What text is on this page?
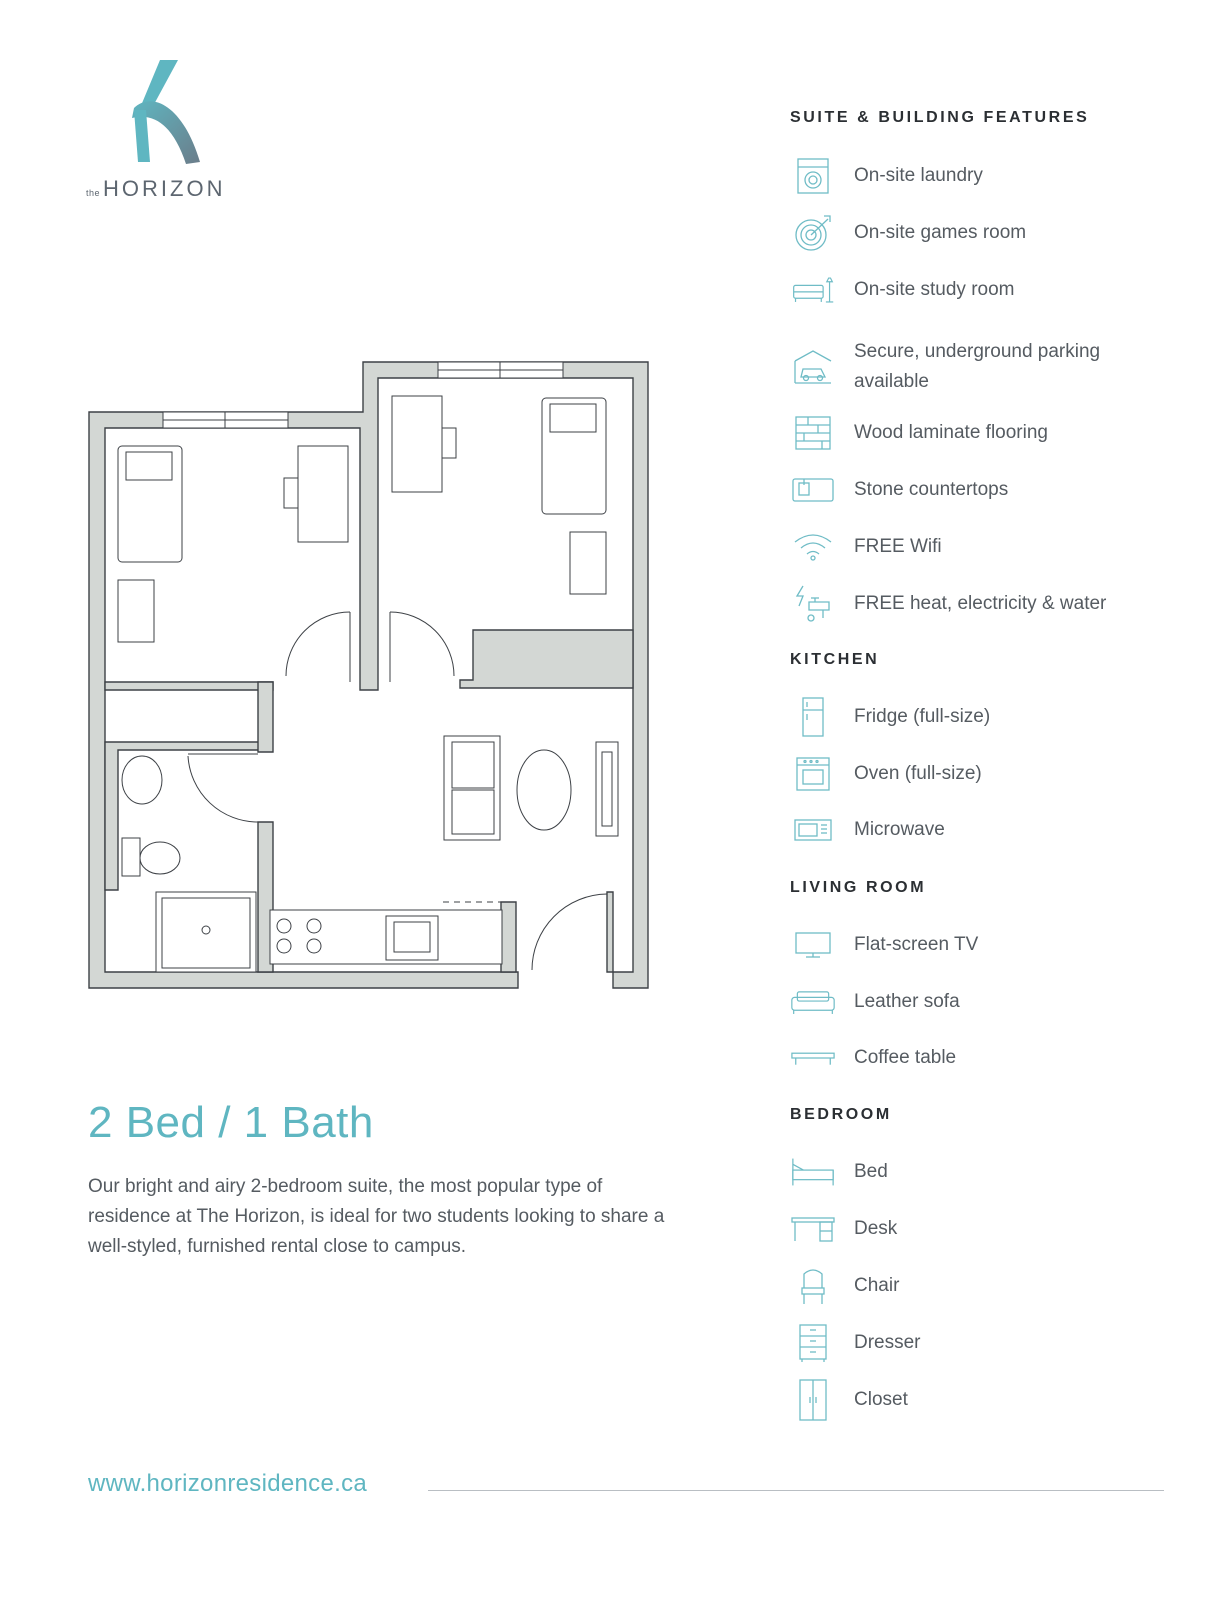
the HORIZON
2 Bed / 1 Bath

Our bright and airy 2-bedroom suite, the most popular type of residence at The Horizon, is ideal for two students looking to share a well-styled, furnished rental close to campus.

www.horizonresidence.ca
SUITE & BUILDING FEATURES
On-site laundry
On-site games room
On-site study room
Secure, underground parking available
Wood laminate flooring
Stone countertops
FREE Wifi
FREE heat, electricity & water
KITCHEN
Fridge (full-size)
Oven (full-size)
Microwave
LIVING ROOM
Flat-screen TV
Leather sofa
Coffee table
BEDROOM
Bed
Desk
Chair
Dresser
Closet
